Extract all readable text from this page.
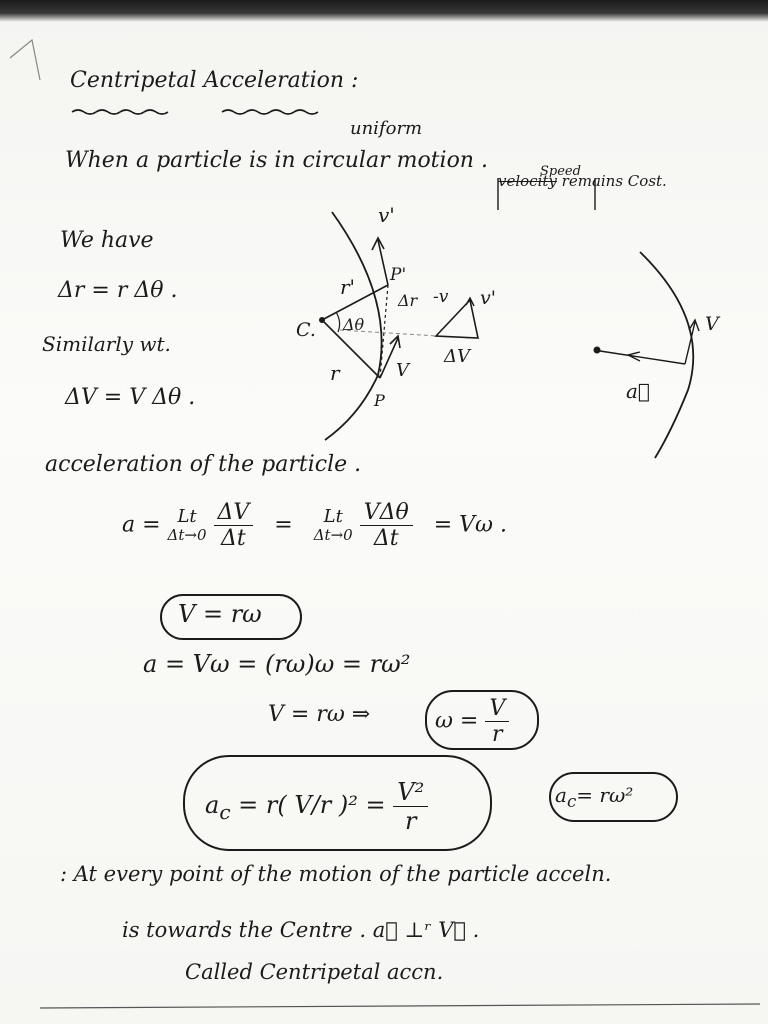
v'
r' P'
Δr -v v'
C. Δθ
r	V
P
ΔV
V
a⃗
Centripetal Acceleration :
uniform
When a particle is in circular motion .	Speed
velocity remains Cost.
We have
Δr = r Δθ .
Similarly wt.
ΔV = V Δθ .
acceleration of the particle .
a = Lt
$\Delta t\to 0 \frac{\Delta V}{\Delta t}$ =	Lt
$\Delta t\to 0 \frac{\text{VΔθ}}{\Delta t} = V\omega$ .
V = rω
a = Vω = (rω)ω = rω²
V = rω ⇒	$\omega = \frac{V}{r}$
$a_c = r$( V/r )$^2 = \frac{\text{V²}}{r}$	$a_c= r\omega^2$
: At every point of the motion of the particle acceln.
is towards the Centre . a⃗ ⊥ʳ V⃗ .
Called Centripetal accn.
